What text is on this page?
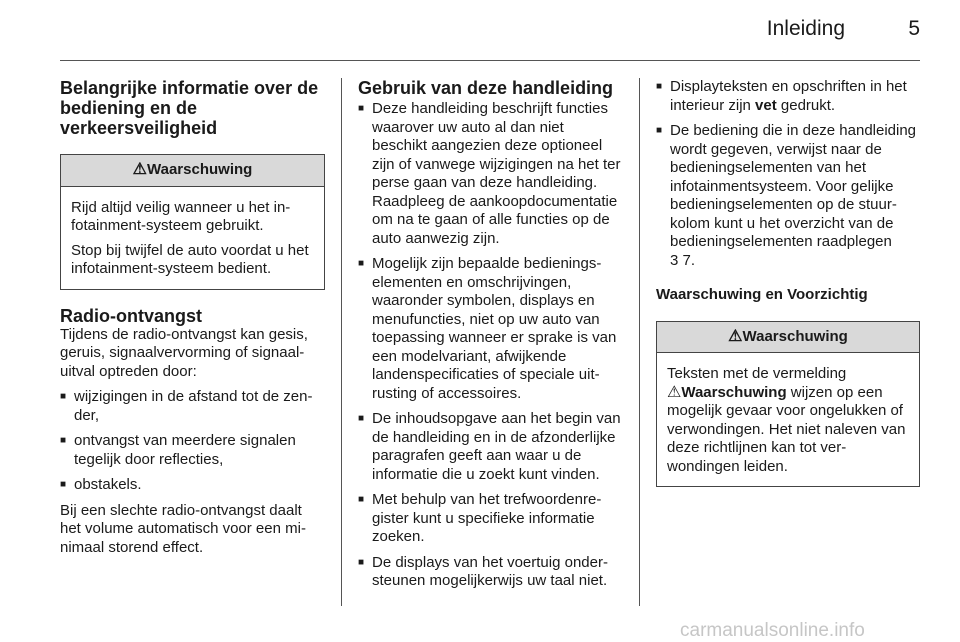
Inleiding	5
Belangrijke informatie over de bediening en de verkeersveiligheid
⚠Waarschuwing

Rijd altijd veilig wanneer u het infotainment-systeem gebruikt.

Stop bij twijfel de auto voordat u het infotainment-systeem bedient.

Radio-ontvangst

Tijdens de radio-ontvangst kan gesis, geruis, signaalvervorming of signaaluitval optreden door:

■ wijzigingen in de afstand tot de zender,
■ ontvangst van meerdere signalen tegelijk door reflecties,
■ obstakels.

Bij een slechte radio-ontvangst daalt het volume automatisch voor een minimaal storend effect.

Gebruik van deze handleiding
■ Deze handleiding beschrijft functies waarover uw auto al dan niet beschikt aangezien deze optioneel zijn of vanwege wijzigingen na het ter perse gaan van deze handleiding. Raadpleeg de aankoopdocumentatie om na te gaan of alle functies op de auto aanwezig zijn.
■ Mogelijk zijn bepaalde bedieningselementen en omschrijvingen, waaronder symbolen, displays en menufuncties, niet op uw auto van toepassing wanneer er sprake is van een modelvariant, afwijkende landenspecificaties of speciale uitrusting of accessoires.
■ De inhoudsopgave aan het begin van de handleiding en in de afzonderlijke paragrafen geeft aan waar u de informatie die u zoekt kunt vinden.
■ Met behulp van het trefwoordenregister kunt u specifieke informatie zoeken.
■ De displays van het voertuig ondersteunen mogelijkerwijs uw taal niet.
■ Displayteksten en opschriften in het interieur zijn vet gedrukt.
■ De bediening die in deze handleiding wordt gegeven, verwijst naar de bedieningselementen van het infotainmentsysteem. Voor gelijke bedieningselementen op de stuurkolom kunt u het overzicht van de bedieningselementen raadplegen
3 7.
Waarschuwing en Voorzichtig
⚠Waarschuwing

Teksten met de vermelding
⚠Waarschuwing wijzen op een mogelijk gevaar voor ongelukken of verwondingen. Het niet naleven van deze richtlijnen kan tot verwondingen leiden.

carmanualsonline.info
